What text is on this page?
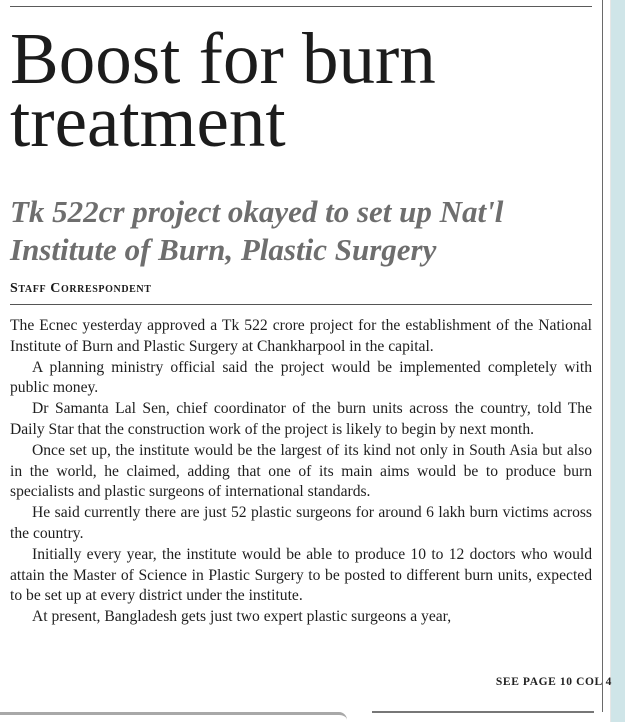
Boost for burn treatment
Tk 522cr project okayed to set up Nat'l Institute of Burn, Plastic Surgery
Staff Correspondent

The Ecnec yesterday approved a Tk 522 crore project for the establishment of the National Institute of Burn and Plastic Surgery at Chankharpool in the capital.

A planning ministry official said the project would be implemented completely with public money.

Dr Samanta Lal Sen, chief coordinator of the burn units across the country, told The Daily Star that the construction work of the project is likely to begin by next month.

Once set up, the institute would be the largest of its kind not only in South Asia but also in the world, he claimed, adding that one of its main aims would be to produce burn specialists and plastic surgeons of international standards.

He said currently there are just 52 plastic surgeons for around 6 lakh burn victims across the country.

Initially every year, the institute would be able to produce 10 to 12 doctors who would attain the Master of Science in Plastic Surgery to be posted to different burn units, expected to be set up at every district under the institute.

At present, Bangladesh gets just two expert plastic surgeons a year,

SEE PAGE 10 COL 4
